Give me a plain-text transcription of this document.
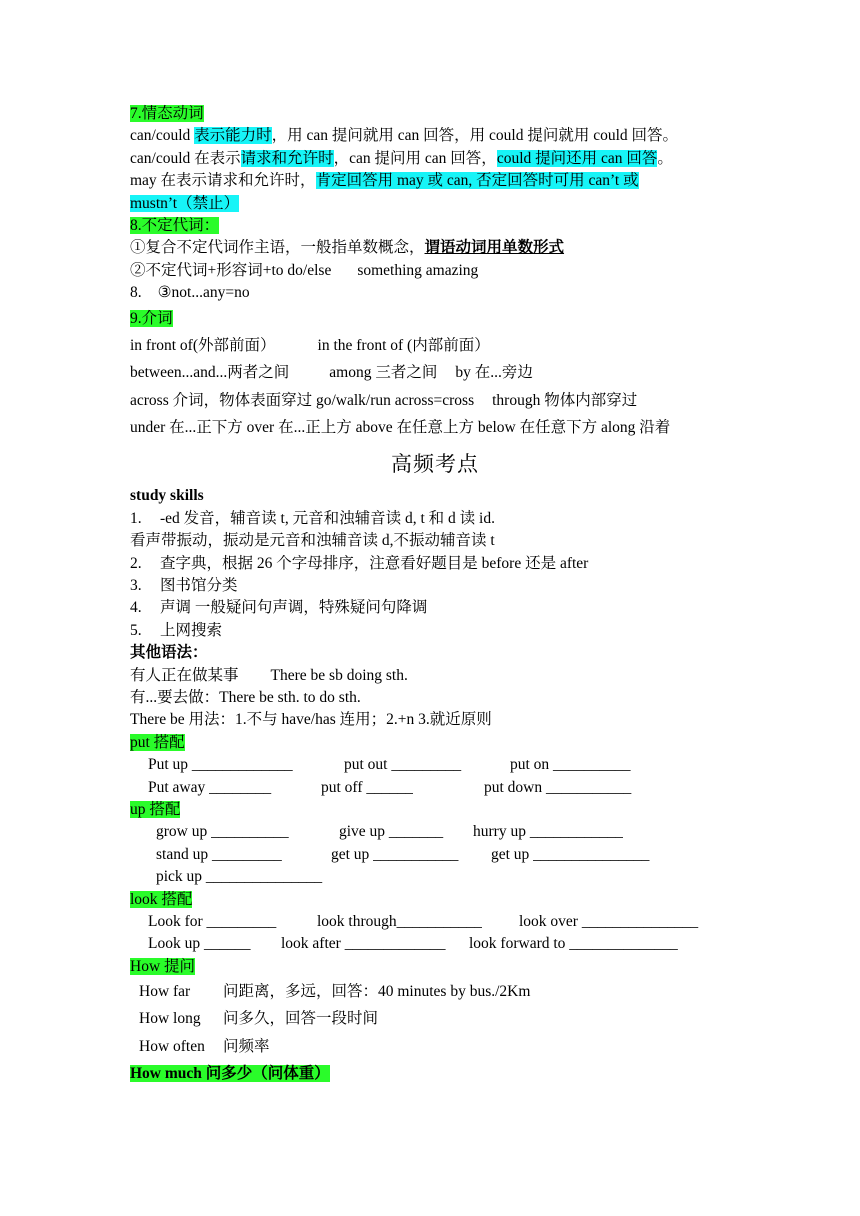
7.情态动词
can/could 表示能力时，用 can 提问就用 can 回答，用 could 提问就用 could 回答。
can/could 在表示请求和允许时，can 提问用 can 回答，could 提问还用 can 回答。
may 在表示请求和允许时，肯定回答用 may 或 can, 否定回答时可用 can’t 或
mustn’t（禁止）
8.不定代词：
①复合不定代词作主语，一般指单数概念，谓语动词用单数形式
②不定代词+形容词+to do/else something amazing
8. ③not...any=no
9.介词
in front of(外部前面）	in the front of (内部前面）
between...and...两者之间	among 三者之间 by 在...旁边
across 介词，物体表面穿过 go/walk/run across=cross through 物体内部穿过
under 在...正下方 over 在...正上方 above 在任意上方 below 在任意下方 along 沿着
高频考点
study skills
1. -ed 发音，辅音读 t, 元音和浊辅音读 d, t 和 d 读 id.
看声带振动，振动是元音和浊辅音读 d,不振动辅音读 t
2. 查字典，根据 26 个字母排序，注意看好题目是 before 还是 after
3. 图书馆分类
4. 声调 一般疑问句声调，特殊疑问句降调
5. 上网搜索
其他语法：
有人正在做某事 There be sb doing sth.
有...要去做：There be sth. to do sth.
There be 用法：1.不与 have/has 连用；2.+n 3.就近原则
put 搭配
Put up _____________	put out _________	put on __________
Put away ________	put off ______	put down ___________
up 搭配
grow up __________	give up _______ hurry up ____________
stand up _________	get up ___________ get up _______________
pick up _______________
look 搭配
Look for _________	look through___________ look over _______________
Look up ______ look after _____________ look forward to ______________
How 提问
How far 问距离，多远，回答：40 minutes by bus./2Km
How long 问多久，回答一段时间
How often 问频率
How much 问多少（问体重）
